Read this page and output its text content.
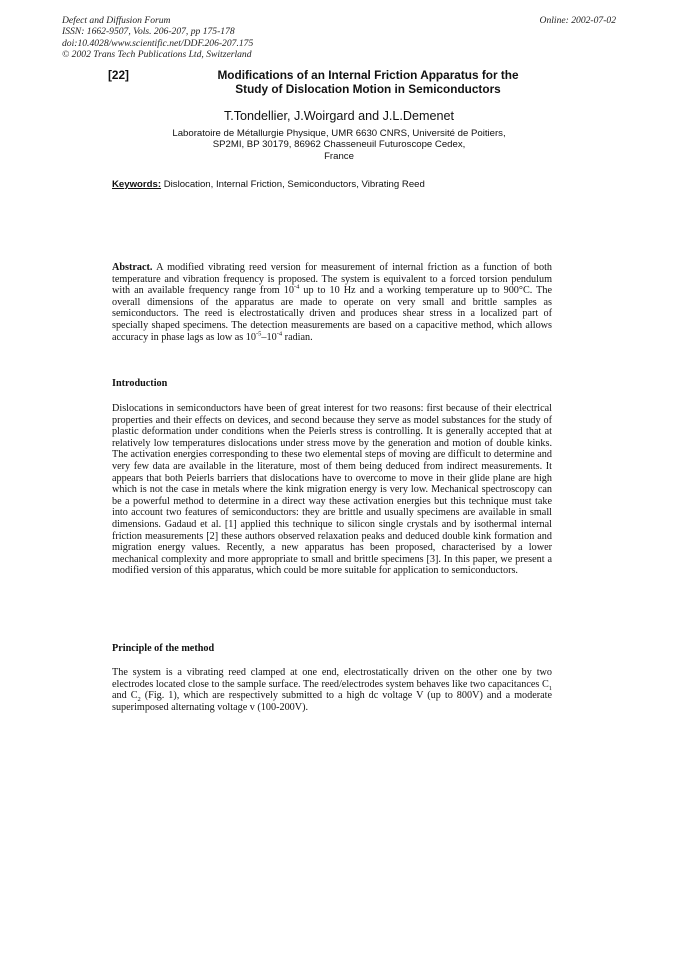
Defect and Diffusion Forum
ISSN: 1662-9507, Vols. 206-207, pp 175-178
doi:10.4028/www.scientific.net/DDF.206-207.175
© 2002 Trans Tech Publications Ltd, Switzerland
Online: 2002-07-02
[22]	Modifications of an Internal Friction Apparatus for the
Study of Dislocation Motion in Semiconductors
T.Tondellier, J.Woirgard and J.L.Demenet
Laboratoire de Métallurgie Physique, UMR 6630 CNRS, Université de Poitiers,
SP2MI, BP 30179, 86962 Chasseneuil Futuroscope Cedex,
France
Keywords: Dislocation, Internal Friction, Semiconductors, Vibrating Reed
Abstract. A modified vibrating reed version for measurement of internal friction as a function of both temperature and vibration frequency is proposed. The system is equivalent to a forced torsion pendulum with an available frequency range from $10^{-4}$ up to 10 Hz and a working temperature up to 900°C. The overall dimensions of the apparatus are made to operate on very small and brittle samples as semiconductors. The reed is electrostatically driven and produces shear stress in a localized part of specially shaped specimens. The detection measurements are based on a capacitive method, which allows accuracy in phase lags as low as $10^{-5}-10^{-4}$ radian.
Introduction
Dislocations in semiconductors have been of great interest for two reasons: first because of their electrical properties and their effects on devices, and second because they serve as model substances for the study of plastic deformation under conditions when the Peierls stress is controlling. It is generally accepted that at relatively low temperatures dislocations under stress move by the generation and motion of double kinks. The activation energies corresponding to these two elemental steps of moving are difficult to determine and very few data are available in the literature, most of them being deduced from indirect measurements. It appears that both Peierls barriers that dislocations have to overcome to move in their glide plane are high which is not the case in metals where the kink migration energy is very low. Mechanical spectroscopy can be a powerful method to determine in a direct way these activation energies but this technique must take into account two features of semiconductors: they are brittle and usually specimens are available in small dimensions. Gadaud et al. [1] applied this technique to silicon single crystals and by isothermal internal friction measurements [2] these authors observed relaxation peaks and deduced double kink formation and migration energy values. Recently, a new apparatus has been proposed, characterised by a lower mechanical complexity and more appropriate to small and brittle specimens [3]. In this paper, we present a modified version of this apparatus, which could be more suitable for application to semiconductors.
Principle of the method
The system is a vibrating reed clamped at one end, electrostatically driven on the other one by two electrodes located close to the sample surface. The reed/electrodes system behaves like two capacitances $C_1$ and $C_2$ (Fig. 1), which are respectively submitted to a high dc voltage V (up to 800V) and a moderate superimposed alternating voltage v (100-200V).
